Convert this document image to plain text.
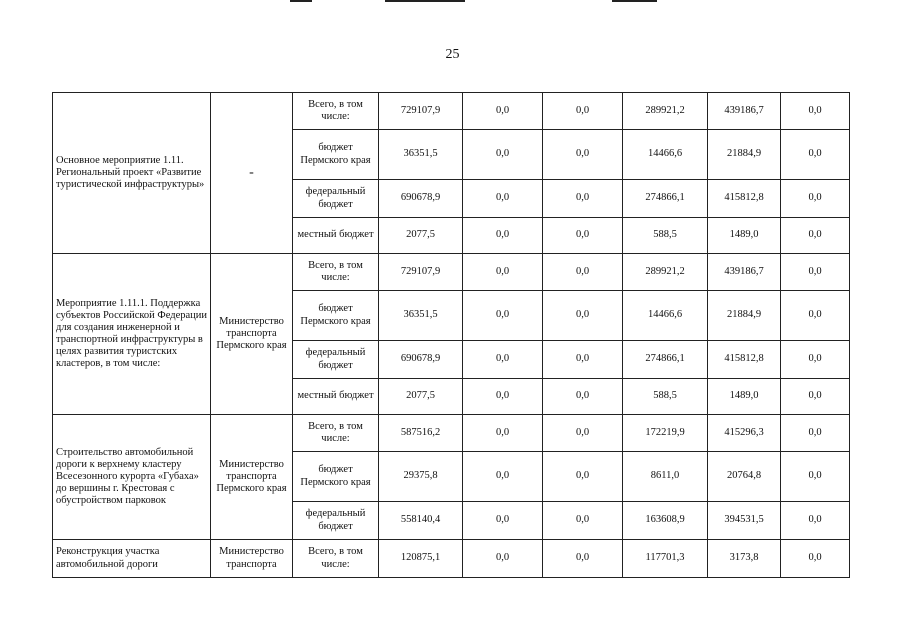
25
Основное мероприятие 1.11. Региональный проект «Развитие туристической инфраструктуры»	-	Всего, в том числе:	729107,9	0,0	0,0	289921,2	439186,7	0,0
		бюджет Пермского края	36351,5	0,0	0,0	14466,6	21884,9	0,0
		федеральный бюджет	690678,9	0,0	0,0	274866,1	415812,8	0,0
		местный бюджет	2077,5	0,0	0,0	588,5	1489,0	0,0
Мероприятие 1.11.1. Поддержка субъектов Российской Федерации для создания инженерной и транспортной инфраструктуры в целях развития туристских кластеров, в том числе:	Министерство транспорта Пермского края	Всего, в том числе:	729107,9	0,0	0,0	289921,2	439186,7	0,0
		бюджет Пермского края	36351,5	0,0	0,0	14466,6	21884,9	0,0
		федеральный бюджет	690678,9	0,0	0,0	274866,1	415812,8	0,0
		местный бюджет	2077,5	0,0	0,0	588,5	1489,0	0,0
Строительство автомобильной дороги к верхнему кластеру Всесезонного курорта «Губаха» до вершины г. Крестовая с обустройством парковок	Министерство транспорта Пермского края	Всего, в том числе:	587516,2	0,0	0,0	172219,9	415296,3	0,0
		бюджет Пермского края	29375,8	0,0	0,0	8611,0	20764,8	0,0
		федеральный бюджет	558140,4	0,0	0,0	163608,9	394531,5	0,0
Реконструкция участка автомобильной дороги	Министерство транспорта	Всего, в том числе:	120875,1	0,0	0,0	117701,3	3173,8	0,0
